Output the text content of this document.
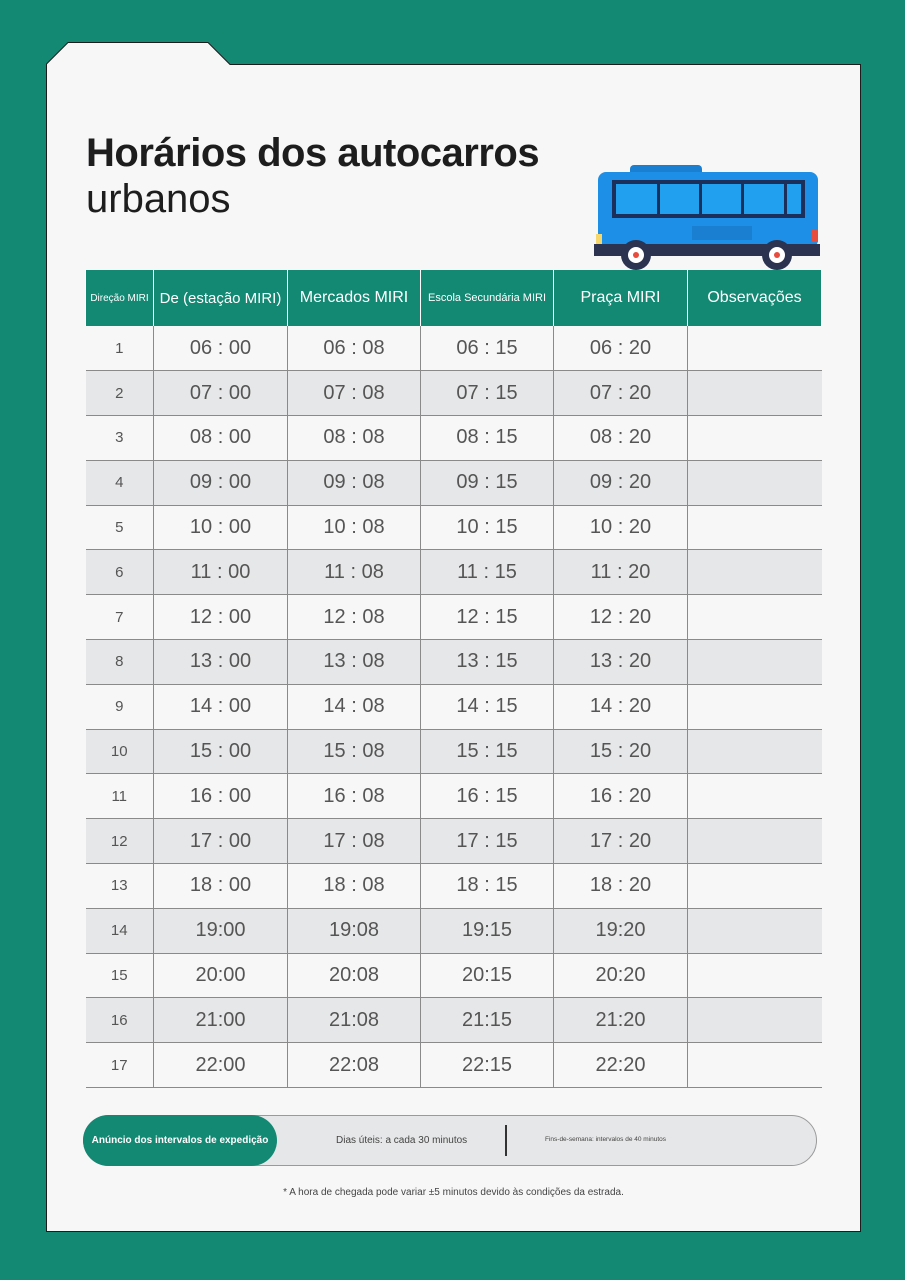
Horários dos autocarros
urbanos
Direção MIRI	De (estação MIRI)	Mercados MIRI	Escola Secundária MIRI	Praça MIRI	Observações
1	06 : 00	06 : 08	06 : 15	06 : 20	
2	07 : 00	07 : 08	07 : 15	07 : 20	
3	08 : 00	08 : 08	08 : 15	08 : 20	
4	09 : 00	09 : 08	09 : 15	09 : 20	
5	10 : 00	10 : 08	10 : 15	10 : 20	
6	11 : 00	11 : 08	11 : 15	11 : 20	
7	12 : 00	12 : 08	12 : 15	12 : 20	
8	13 : 00	13 : 08	13 : 15	13 : 20	
9	14 : 00	14 : 08	14 : 15	14 : 20	
10	15 : 00	15 : 08	15 : 15	15 : 20	
11	16 : 00	16 : 08	16 : 15	16 : 20	
12	17 : 00	17 : 08	17 : 15	17 : 20	
13	18 : 00	18 : 08	18 : 15	18 : 20	
14	19:00	19:08	19:15	19:20	
15	20:00	20:08	20:15	20:20	
16	21:00	21:08	21:15	21:20	
17	22:00	22:08	22:15	22:20	
Anúncio dos intervalos de expedição	Dias úteis: a cada 30 minutos	Fins-de-semana: intervalos de 40 minutos
* A hora de chegada pode variar ±5 minutos devido às condições da estrada.
